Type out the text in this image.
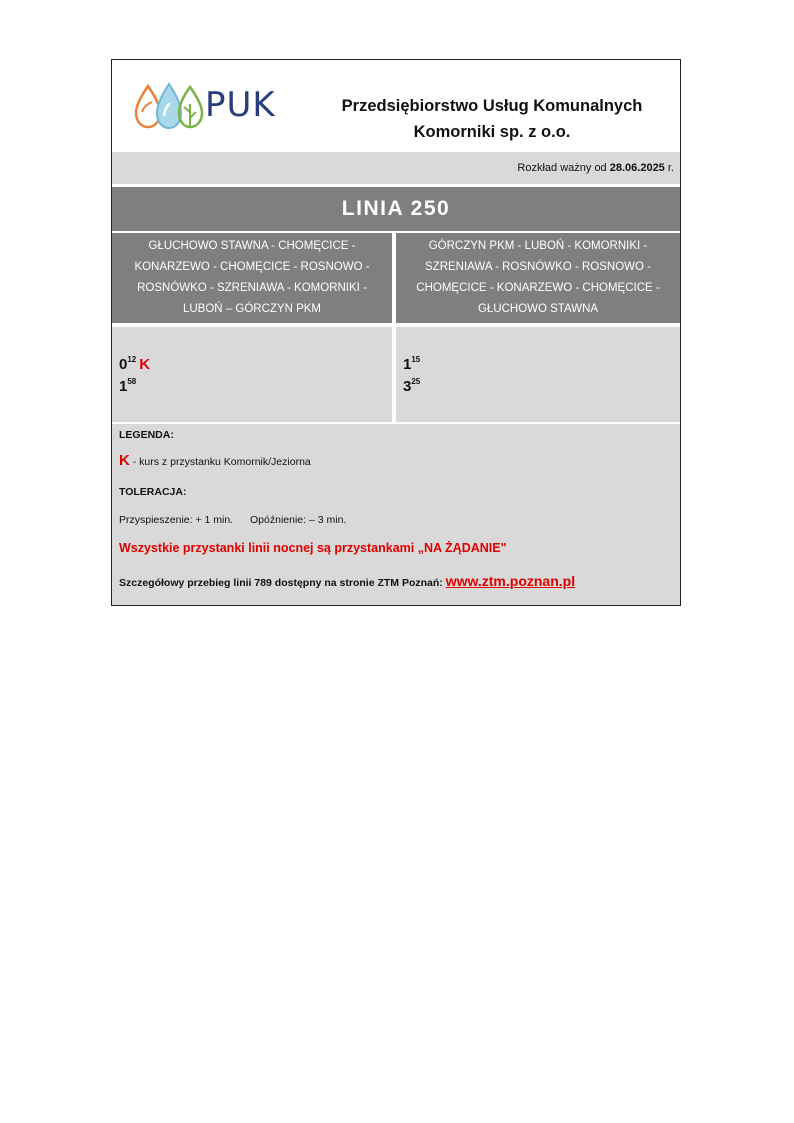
PUK	Przedsiębiorstwo Usług Komunalnych
Komorniki sp. z o.o.
Rozkład ważny od 28.06.2025 r.
LINIA 250
GŁUCHOWO STAWNA - CHOMĘCICE -
KONARZEWO - CHOMĘCICE - ROSNOWO -
ROSNÓWKO - SZRENIAWA - KOMORNIKI -
LUBOŃ – GÓRCZYN PKM
GÓRCZYN PKM - LUBOŃ - KOMORNIKI -
SZRENIAWA - ROSNÓWKO - ROSNOWO -
CHOMĘCICE - KONARZEWO - CHOMĘCICE -
GŁUCHOWO STAWNA
$0^{12}$ K
$1^{58}$
$1^{15}$
$3^{25}$
LEGENDA:
K - kurs z przystanku Komornik/Jeziorna
TOLERACJA:
Przyspieszenie: + 1 min. Opóźnienie: – 3 min.
Wszystkie przystanki linii nocnej są przystankami „NA ŻĄDANIE"
Szczegółowy przebieg linii 789 dostępny na stronie ZTM Poznań: www.ztm.poznan.pl
